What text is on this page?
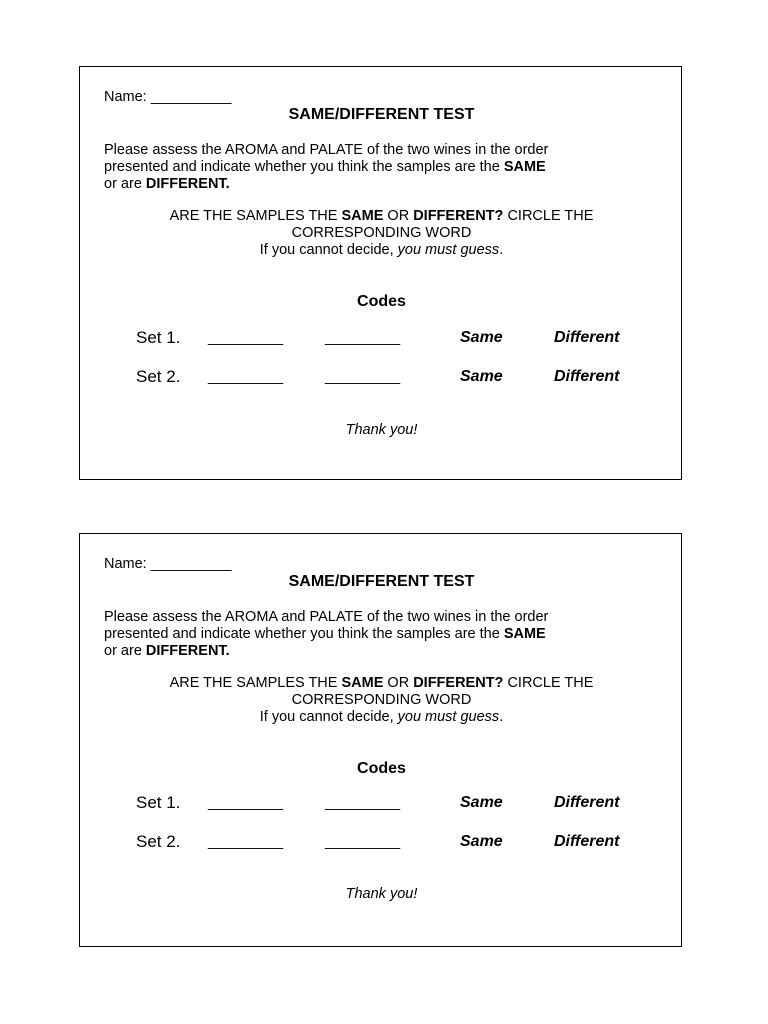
Name: __________
SAME/DIFFERENT TEST
Please assess the AROMA and PALATE of the two wines in the order
presented and indicate whether you think the samples are the SAME
or are DIFFERENT.
ARE THE SAMPLES THE SAME OR DIFFERENT? CIRCLE THE
CORRESPONDING WORD
If you cannot decide, you must guess.
Codes
Set 1. _________	_________	Same	Different
Set 2. _________	_________	Same	Different
Thank you!
Name: __________
SAME/DIFFERENT TEST
Please assess the AROMA and PALATE of the two wines in the order
presented and indicate whether you think the samples are the SAME
or are DIFFERENT.
ARE THE SAMPLES THE SAME OR DIFFERENT? CIRCLE THE
CORRESPONDING WORD
If you cannot decide, you must guess.
Codes
Set 1. _________	_________	Same	Different
Set 2. _________	_________	Same	Different
Thank you!
